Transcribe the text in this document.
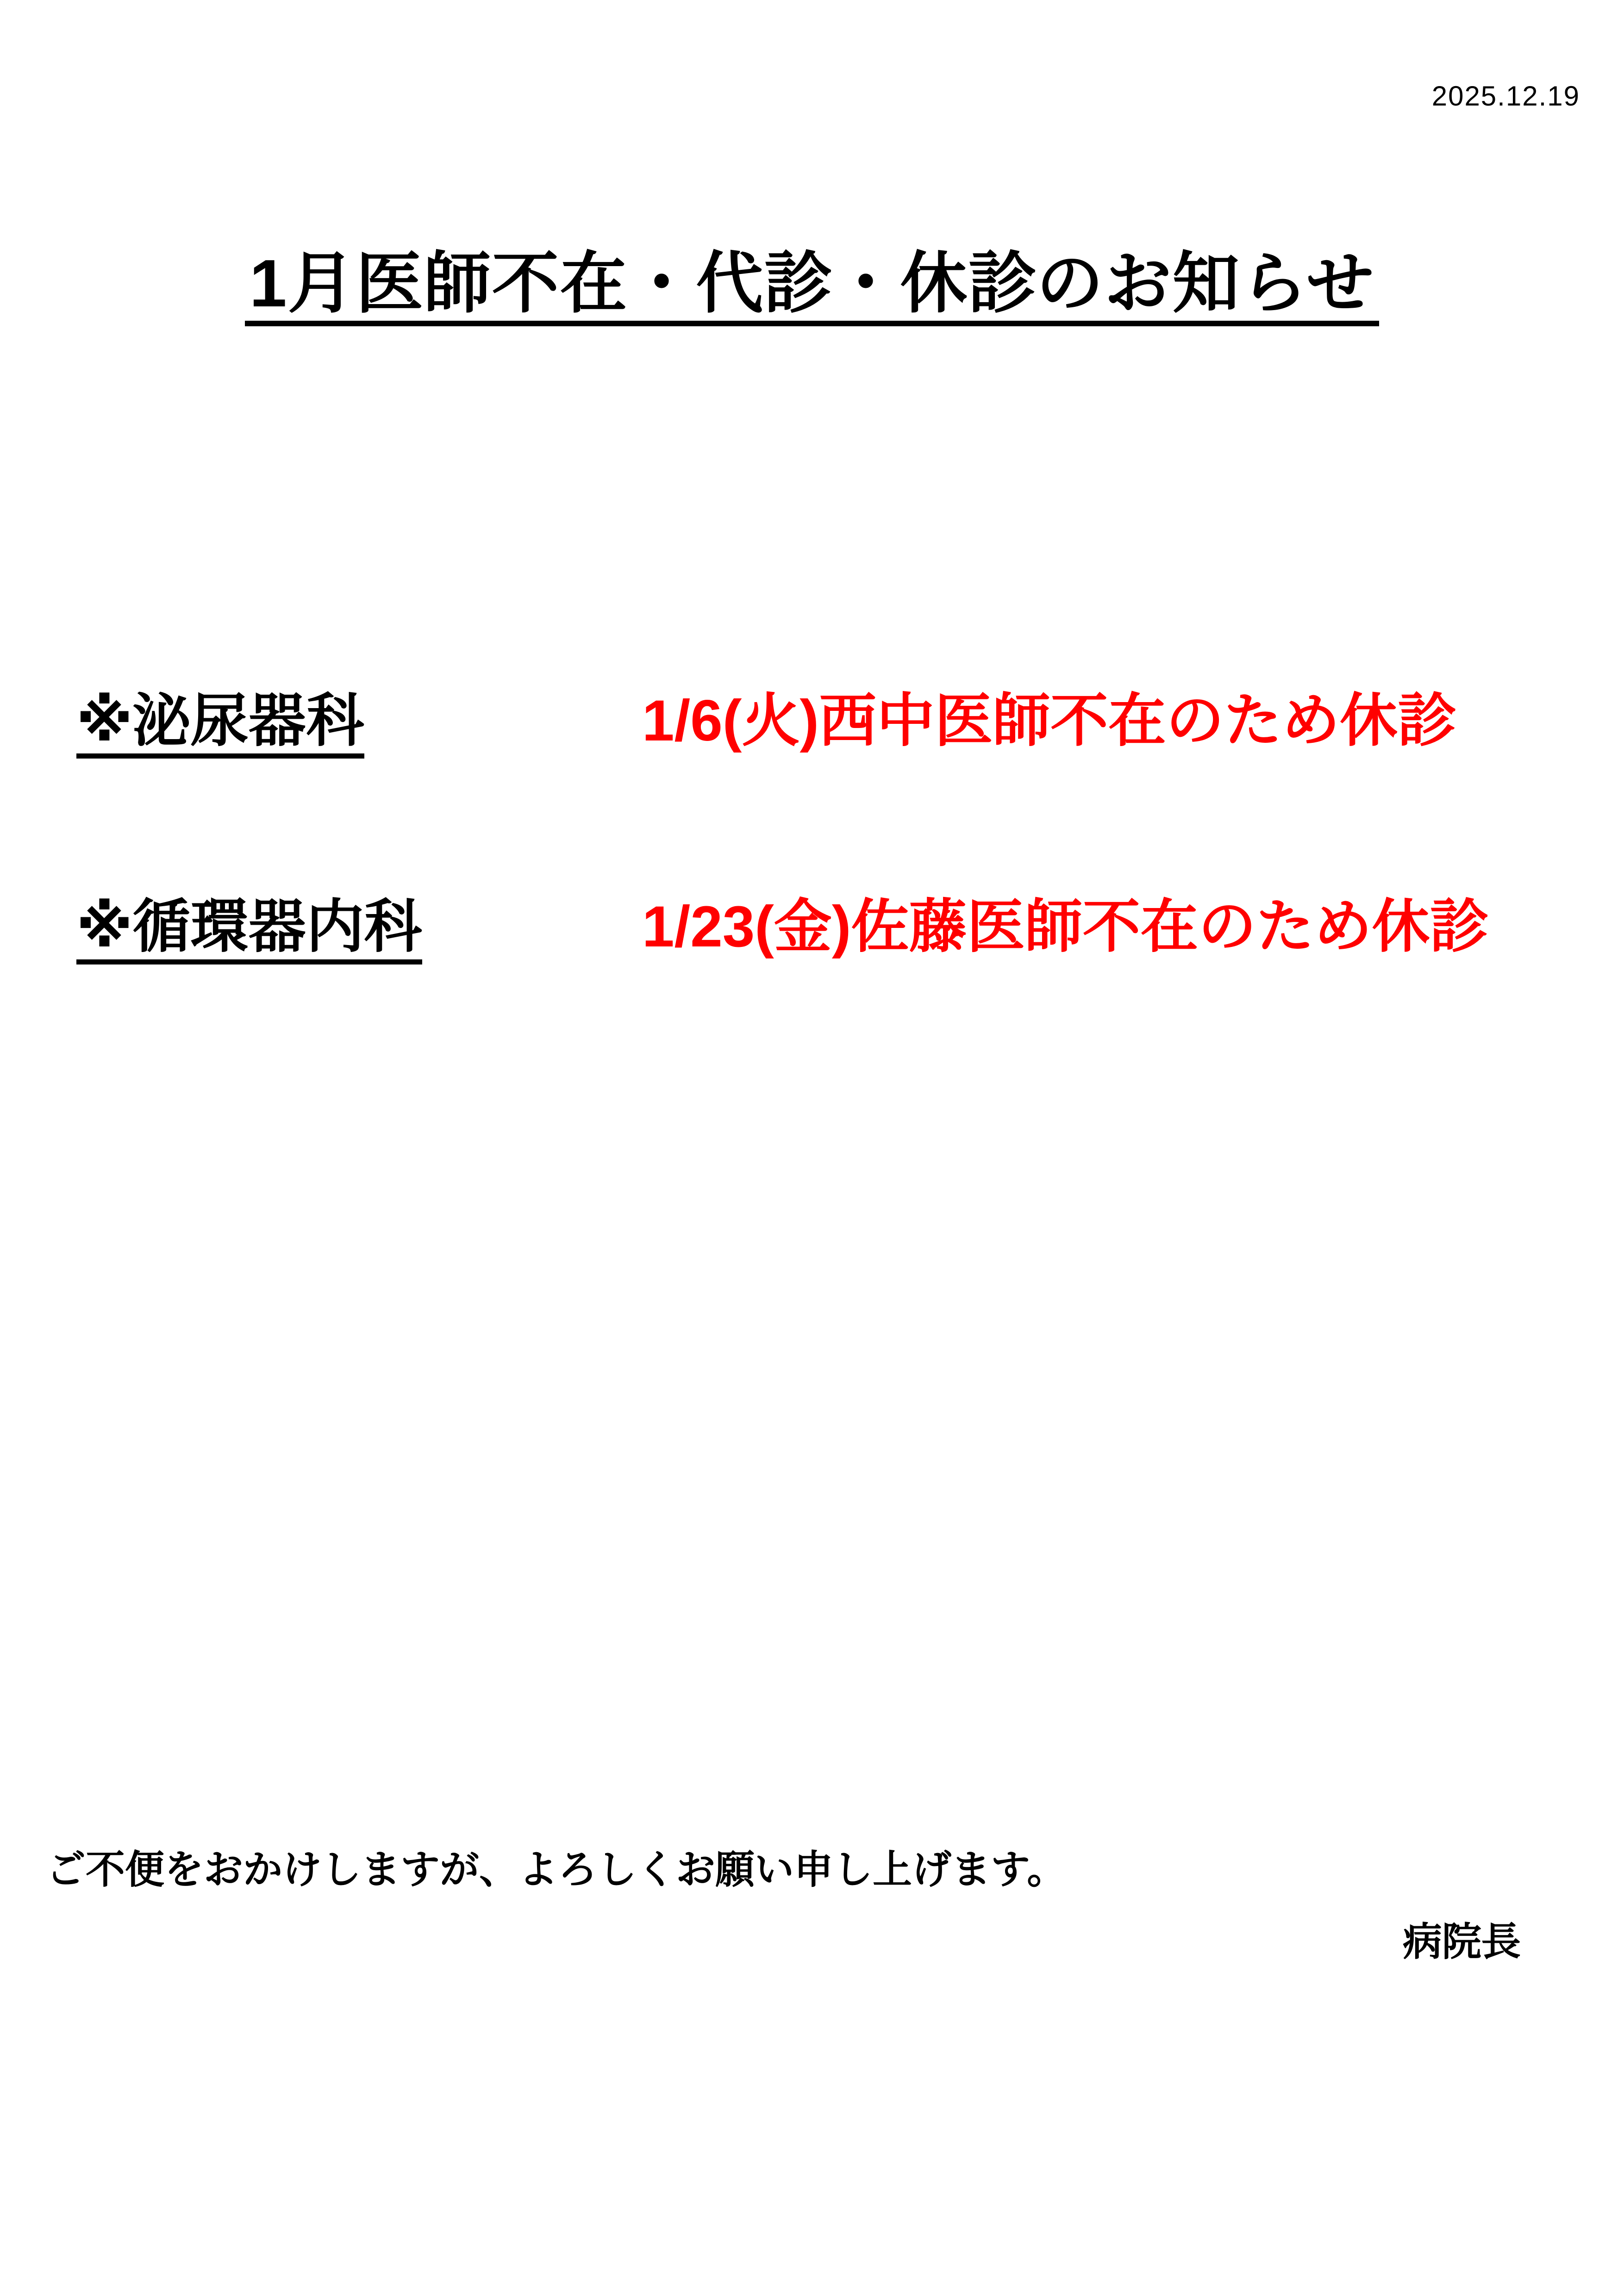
2025.12.19
1月医師不在・代診・休診のお知らせ
※泌尿器科	1/6(火)西中医師不在のため休診
※循環器内科	1/23(金)佐藤医師不在のため休診
ご不便をおかけしますが、よろしくお願い申し上げます。
病院長
